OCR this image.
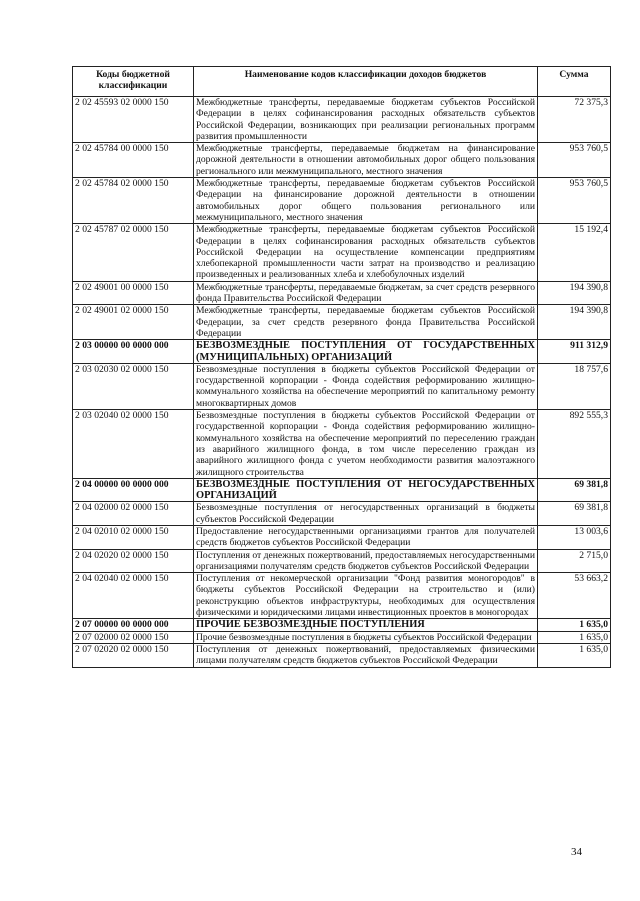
Коды бюджетной классификации	Наименование кодов классификации доходов бюджетов	Сумма
2 02 45593 02 0000 150	Межбюджетные трансферты, передаваемые бюджетам субъектов Российской Федерации в целях софинансирования расходных обязательств субъектов Российской Федерации, возникающих при реализации региональных программ развития промышленности	72 375,3
2 02 45784 00 0000 150	Межбюджетные трансферты, передаваемые бюджетам на финансирование дорожной деятельности в отношении автомобильных дорог общего пользования регионального или межмуниципального, местного значения	953 760,5
2 02 45784 02 0000 150	Межбюджетные трансферты, передаваемые бюджетам субъектов Российской Федерации на финансирование дорожной деятельности в отношении автомобильных дорог общего пользования регионального или межмуниципального, местного значения	953 760,5
2 02 45787 02 0000 150	Межбюджетные трансферты, передаваемые бюджетам субъектов Российской Федерации в целях софинансирования расходных обязательств субъектов Российской Федерации на осуществление компенсации предприятиям хлебопекарной промышленности части затрат на производство и реализацию произведенных и реализованных хлеба и хлебобулочных изделий	15 192,4
2 02 49001 00 0000 150	Межбюджетные трансферты, передаваемые бюджетам, за счет средств резервного фонда Правительства Российской Федерации	194 390,8
2 02 49001 02 0000 150	Межбюджетные трансферты, передаваемые бюджетам субъектов Российской Федерации, за счет средств резервного фонда Правительства Российской Федерации	194 390,8
2 03 00000 00 0000 000	БЕЗВОЗМЕЗДНЫЕ ПОСТУПЛЕНИЯ ОТ ГОСУДАРСТВЕННЫХ (МУНИЦИПАЛЬНЫХ) ОРГАНИЗАЦИЙ	911 312,9
2 03 02030 02 0000 150	Безвозмездные поступления в бюджеты субъектов Российской Федерации от государственной корпорации - Фонда содействия реформированию жилищно-коммунального хозяйства на обеспечение мероприятий по капитальному ремонту многоквартирных домов	18 757,6
2 03 02040 02 0000 150	Безвозмездные поступления в бюджеты субъектов Российской Федерации от государственной корпорации - Фонда содействия реформированию жилищно-коммунального хозяйства на обеспечение мероприятий по переселению граждан из аварийного жилищного фонда, в том числе переселению граждан из аварийного жилищного фонда с учетом необходимости развития малоэтажного жилищного строительства	892 555,3
2 04 00000 00 0000 000	БЕЗВОЗМЕЗДНЫЕ ПОСТУПЛЕНИЯ ОТ НЕГОСУДАРСТВЕННЫХ ОРГАНИЗАЦИЙ	69 381,8
2 04 02000 02 0000 150	Безвозмездные поступления от негосударственных организаций в бюджеты субъектов Российской Федерации	69 381,8
2 04 02010 02 0000 150	Предоставление негосударственными организациями грантов для получателей средств бюджетов субъектов Российской Федерации	13 003,6
2 04 02020 02 0000 150	Поступления от денежных пожертвований, предоставляемых негосударственными организациями получателям средств бюджетов субъектов Российской Федерации	2 715,0
2 04 02040 02 0000 150	Поступления от некомерческой организации "Фонд развития моногородов" в бюджеты субъектов Российской Федерации на строительство и (или) реконструкцию объектов инфраструктуры, необходимых для осуществления физическими и юридическими лицами инвестиционных проектов в моногородах	53 663,2
2 07 00000 00 0000 000	ПРОЧИЕ БЕЗВОЗМЕЗДНЫЕ ПОСТУПЛЕНИЯ	1 635,0
2 07 02000 02 0000 150	Прочие безвозмездные поступления в бюджеты субъектов Российской Федерации	1 635,0
2 07 02020 02 0000 150	Поступления от денежных пожертвований, предоставляемых физическими лицами получателям средств бюджетов субъектов Российской Федерации	1 635,0
34
